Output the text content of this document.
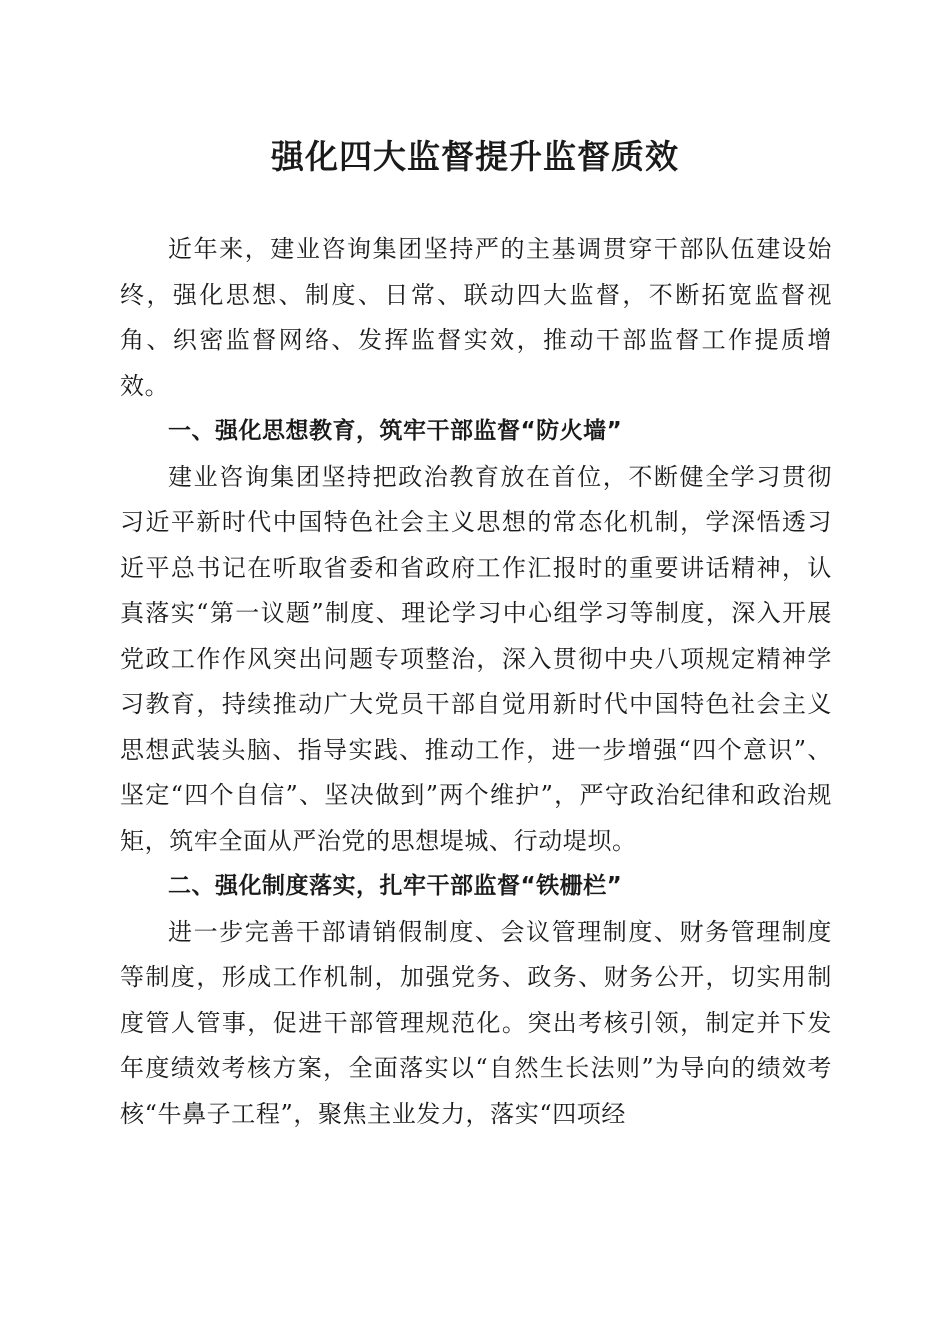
强化四大监督提升监督质效

近年来，建业咨询集团坚持严的主基调贯穿干部队伍建设始终，强化思想、制度、日常、联动四大监督，不断拓宽监督视角、织密监督网络、发挥监督实效，推动干部监督工作提质增效。

一、强化思想教育，筑牢干部监督“防火墙”

建业咨询集团坚持把政治教育放在首位，不断健全学习贯彻习近平新时代中国特色社会主义思想的常态化机制，学深悟透习近平总书记在听取省委和省政府工作汇报时的重要讲话精神，认真落实“第一议题”制度、理论学习中心组学习等制度，深入开展党政工作作风突出问题专项整治，深入贯彻中央八项规定精神学习教育，持续推动广大党员干部自觉用新时代中国特色社会主义思想武装头脑、指导实践、推动工作，进一步增强“四个意识”、坚定“四个自信”、坚决做到”两个维护”，严守政治纪律和政治规矩，筑牢全面从严治党的思想堤城、行动堤坝。

二、强化制度落实，扎牢干部监督“铁栅栏”

进一步完善干部请销假制度、会议管理制度、财务管理制度等制度，形成工作机制，加强党务、政务、财务公开，切实用制度管人管事，促进干部管理规范化。突出考核引领，制定并下发年度绩效考核方案，全面落实以“自然生长法则”为导向的绩效考核“牛鼻子工程”，聚焦主业发力，落实“四项经
